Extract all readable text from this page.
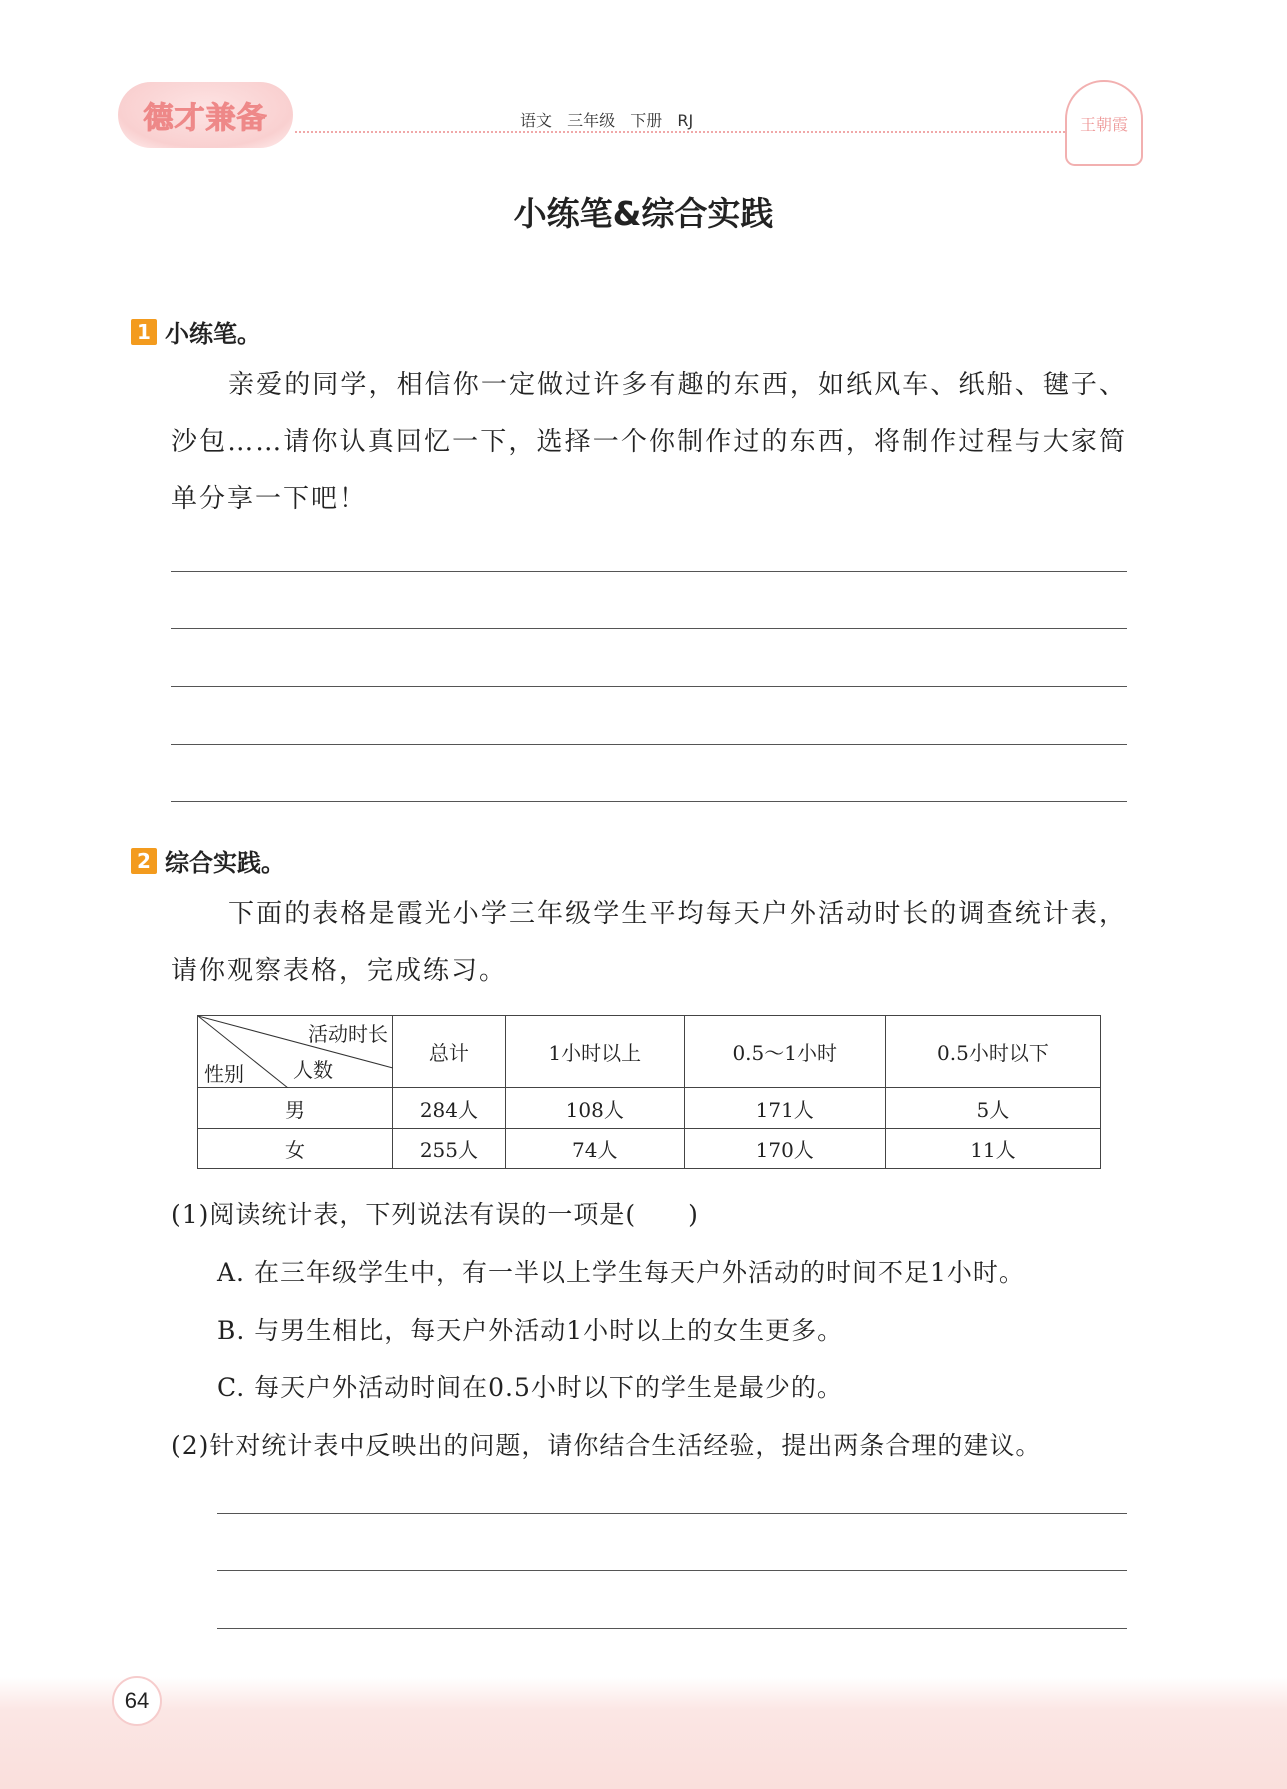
德才兼备	语文 三年级 下册 RJ	王朝霞
小练笔&综合实践
1 小练笔。
亲爱的同学，相信你一定做过许多有趣的东西，如纸风车、纸船、毽子、沙包……请你认真回忆一下，选择一个你制作过的东西，将制作过程与大家简单分享一下吧！
2 综合实践。
下面的表格是霞光小学三年级学生平均每天户外活动时长的调查统计表，请你观察表格，完成练习。
活动时长
人数
性别	总计	1小时以上	0.5～1小时	0.5小时以下
男	284人	108人	171人	5人
女	255人	74人	170人	11人
(1)阅读统计表，下列说法有误的一项是(　　)
A. 在三年级学生中，有一半以上学生每天户外活动的时间不足1小时。
B. 与男生相比，每天户外活动1小时以上的女生更多。
C. 每天户外活动时间在0.5小时以下的学生是最少的。
(2)针对统计表中反映出的问题，请你结合生活经验，提出两条合理的建议。
64
